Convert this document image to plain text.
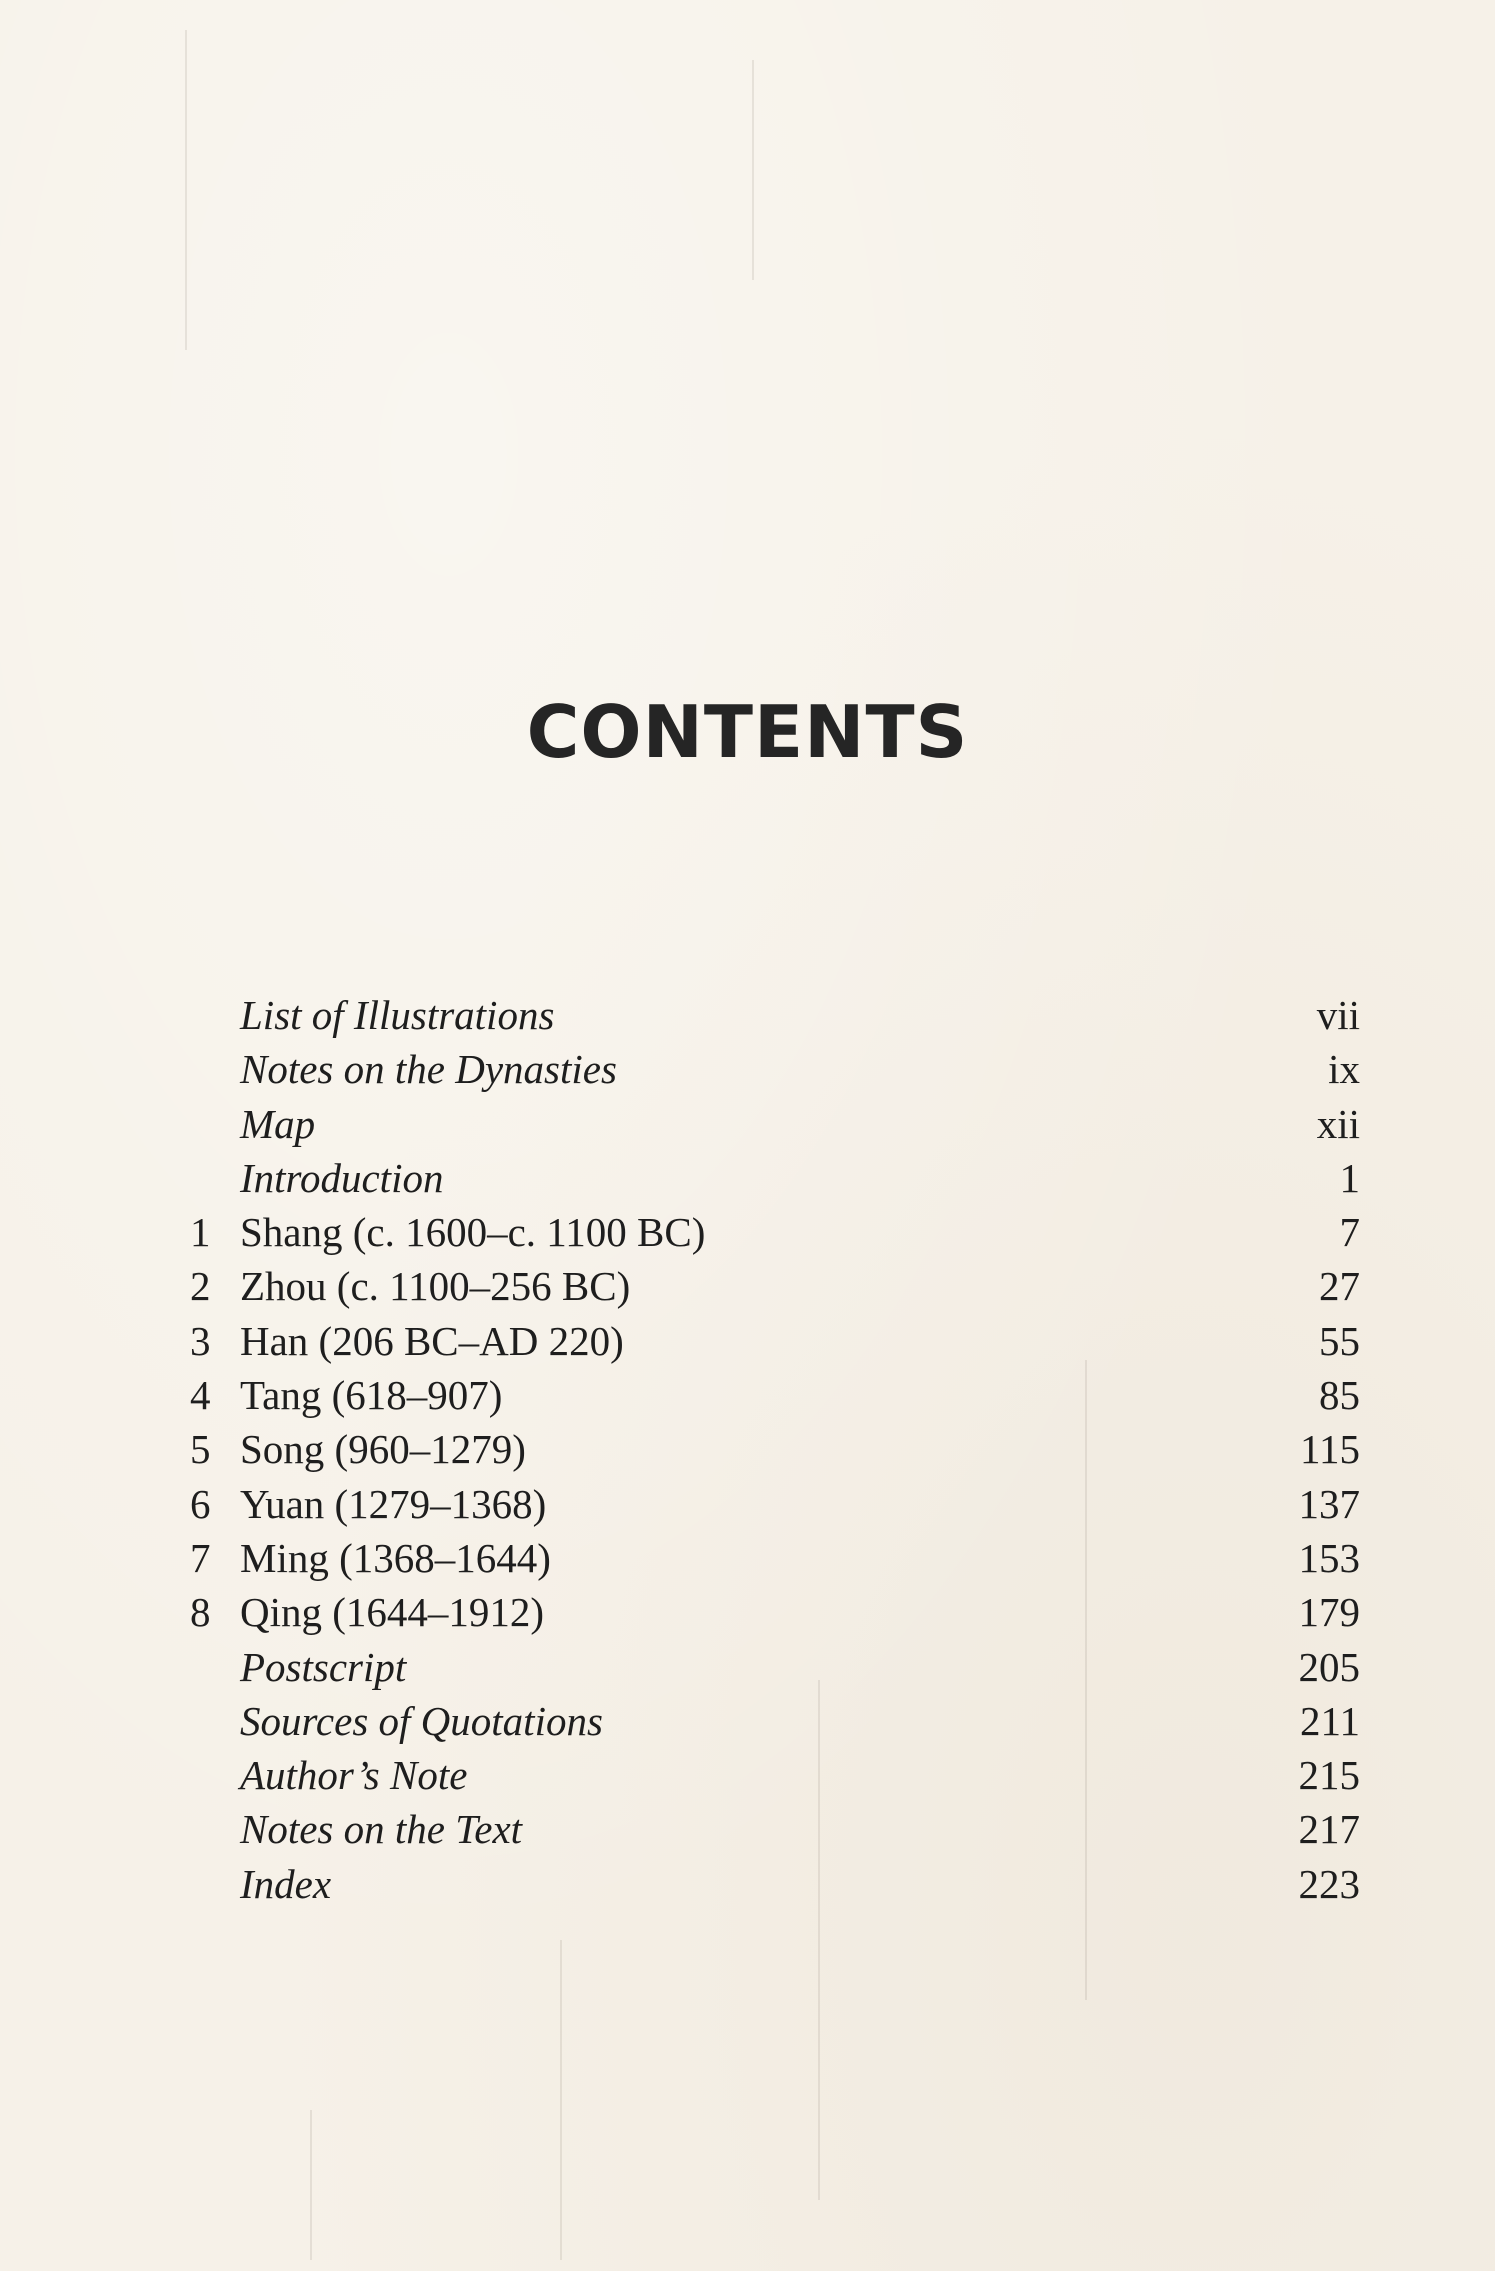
CONTENTS
List of Illustrations	vii
Notes on the Dynasties	ix
Map	xii
Introduction	1
1 Shang (c. 1600–c. 1100 BC)	7
2 Zhou (c. 1100–256 BC)	27
3 Han (206 BC–AD 220)	55
4 Tang (618–907)	85
5 Song (960–1279)	115
6 Yuan (1279–1368)	137
7 Ming (1368–1644)	153
8 Qing (1644–1912)	179
Postscript	205
Sources of Quotations	211
Author’s Note	215
Notes on the Text	217
Index	223
